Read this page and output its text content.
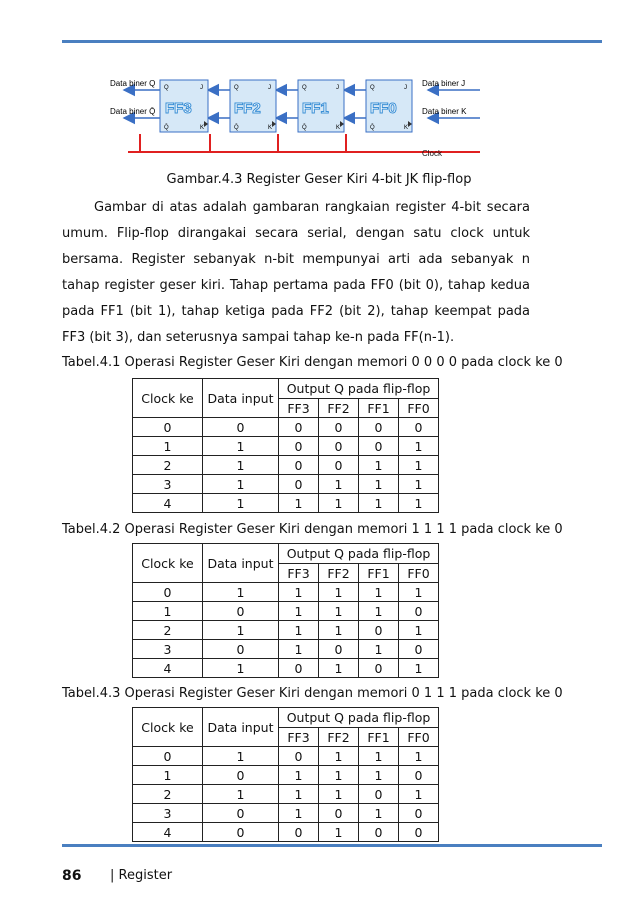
Clock
Data biner Q
Data biner Q̄
Data biner J
Data biner K
Q	J
Q̄	K
FF3
Q	J
Q̄	K
FF2
Q	J
Q̄	K
FF1
Q	J
Q̄	K
FF0
Gambar.4.3 Register Geser Kiri 4-bit JK flip-flop
Gambar di atas adalah gambaran rangkaian register 4-bit secara umum. Flip-flop dirangakai secara serial, dengan satu clock untuk bersama. Register sebanyak n-bit mempunyai arti ada sebanyak n tahap register geser kiri. Tahap pertama pada FF0 (bit 0), tahap kedua pada FF1 (bit 1), tahap ketiga pada FF2 (bit 2), tahap keempat pada FF3 (bit 3), dan seterusnya sampai tahap ke-n pada FF(n-1).
Tabel.4.1 Operasi Register Geser Kiri dengan memori 0 0 0 0 pada clock ke 0
Clock ke	Data input	Output Q pada flip-flop			
		FF3	FF2	FF1	FF0
0	0	0	0	0	0
1	1	0	0	0	1
2	1	0	0	1	1
3	1	0	1	1	1
4	1	1	1	1	1
Tabel.4.2 Operasi Register Geser Kiri dengan memori 1 1 1 1 pada clock ke 0
Clock ke	Data input	Output Q pada flip-flop			
		FF3	FF2	FF1	FF0
0	1	1	1	1	1
1	0	1	1	1	0
2	1	1	1	0	1
3	0	1	0	1	0
4	1	0	1	0	1
Tabel.4.3 Operasi Register Geser Kiri dengan memori 0 1 1 1 pada clock ke 0
Clock ke	Data input	Output Q pada flip-flop			
		FF3	FF2	FF1	FF0
0	1	0	1	1	1
1	0	1	1	1	0
2	1	1	1	0	1
3	0	1	0	1	0
4	0	0	1	0	0
86 | Register
